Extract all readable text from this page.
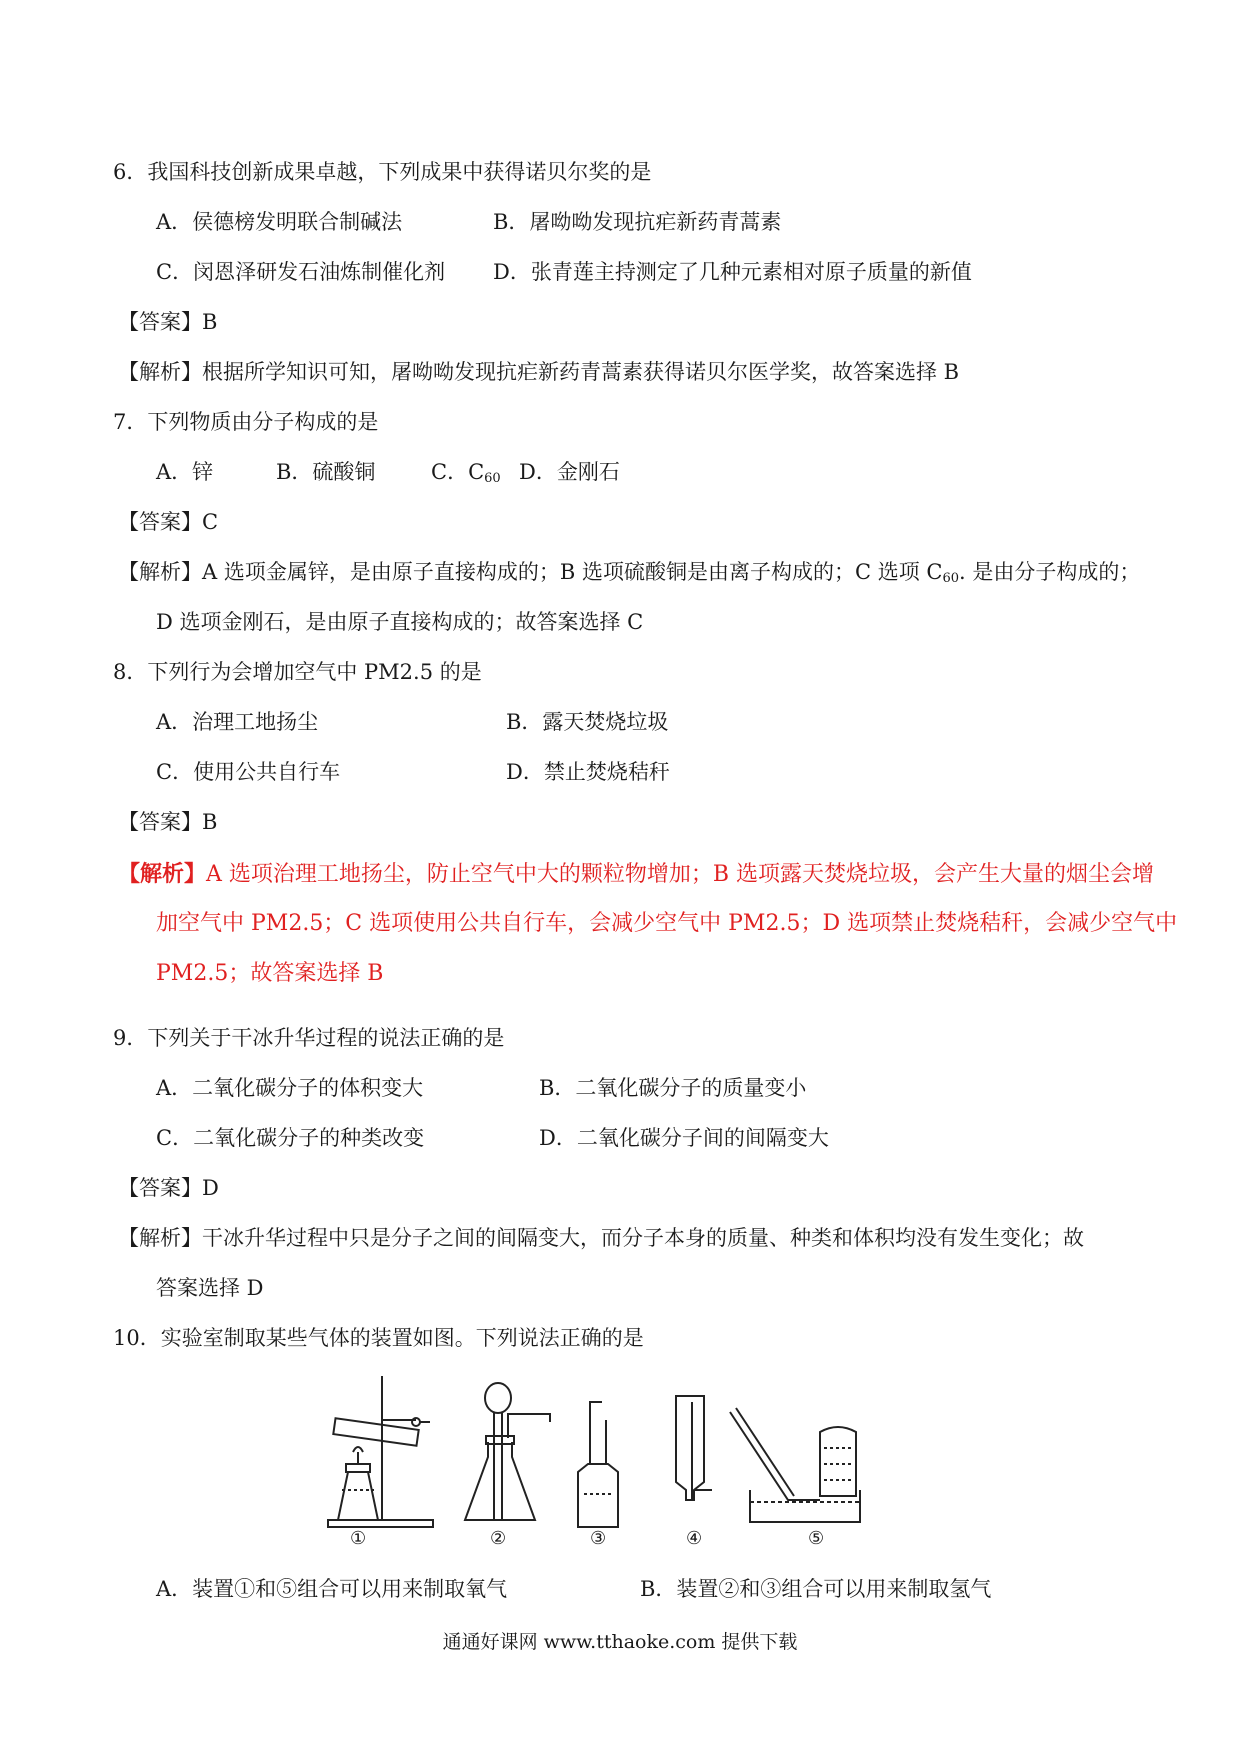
6．我国科技创新成果卓越，下列成果中获得诺贝尔奖的是
A．侯德榜发明联合制碱法	B．屠呦呦发现抗疟新药青蒿素
C．闵恩泽研发石油炼制催化剂 D．张青莲主持测定了几种元素相对原子质量的新值
【答案】B
【解析】根据所学知识可知，屠呦呦发现抗疟新药青蒿素获得诺贝尔医学奖，故答案选择 B
7．下列物质由分子构成的是
A．锌	B．硫酸铜	C．$C_{60}$ D．金刚石
【答案】C
【解析】A 选项金属锌，是由原子直接构成的；B 选项硫酸铜是由离子构成的；C 选项 $C_{60}$. 是由分子构成的；
D 选项金刚石，是由原子直接构成的；故答案选择 C
8．下列行为会增加空气中 PM2.5 的是
A．治理工地扬尘	B．露天焚烧垃圾
C．使用公共自行车	D．禁止焚烧秸秆
【答案】B
【解析】A 选项治理工地扬尘，防止空气中大的颗粒物增加；B 选项露天焚烧垃圾，会产生大量的烟尘会增
加空气中 PM2.5；C 选项使用公共自行车，会减少空气中 PM2.5；D 选项禁止焚烧秸秆，会减少空气中
PM2.5；故答案选择 B
9．下列关于干冰升华过程的说法正确的是
A．二氧化碳分子的体积变大	B．二氧化碳分子的质量变小
C．二氧化碳分子的种类改变	D．二氧化碳分子间的间隔变大
【答案】D
【解析】干冰升华过程中只是分子之间的间隔变大，而分子本身的质量、种类和体积均没有发生变化；故
答案选择 D
10．实验室制取某些气体的装置如图。下列说法正确的是
①	②	③	④	⑤
A．装置①和⑤组合可以用来制取氧气	B．装置②和③组合可以用来制取氢气
通通好课网 www.tthaoke.com 提供下载
